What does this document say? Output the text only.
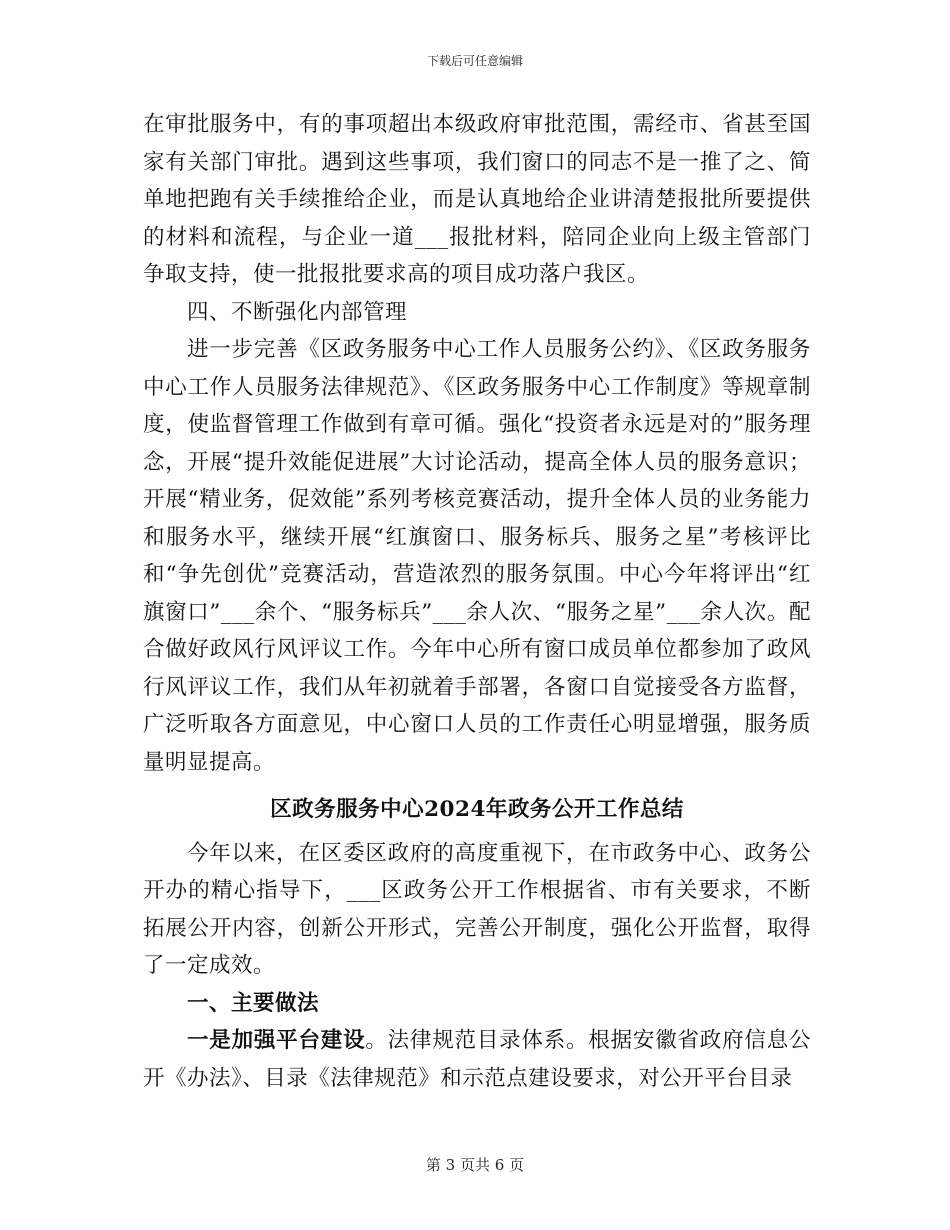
下载后可任意编辑

在审批服务中，有的事项超出本级政府审批范围，需经市、省甚至国家有关部门审批。遇到这些事项，我们窗口的同志不是一推了之、简单地把跑有关手续推给企业，而是认真地给企业讲清楚报批所要提供的材料和流程，与企业一道___报批材料，陪同企业向上级主管部门争取支持，使一批报批要求高的项目成功落户我区。

四、不断强化内部管理

进一步完善《区政务服务中心工作人员服务公约》、《区政务服务中心工作人员服务法律规范》、《区政务服务中心工作制度》等规章制度，使监督管理工作做到有章可循。强化“投资者永远是对的”服务理念，开展“提升效能促进展”大讨论活动，提高全体人员的服务意识；开展“精业务，促效能”系列考核竞赛活动，提升全体人员的业务能力和服务水平，继续开展“红旗窗口、服务标兵、服务之星”考核评比和“争先创优”竞赛活动，营造浓烈的服务氛围。中心今年将评出“红旗窗口”___余个、“服务标兵”___余人次、“服务之星”___余人次。配合做好政风行风评议工作。今年中心所有窗口成员单位都参加了政风行风评议工作，我们从年初就着手部署，各窗口自觉接受各方监督，广泛听取各方面意见，中心窗口人员的工作责任心明显增强，服务质量明显提高。

区政务服务中心2024年政务公开工作总结

今年以来，在区委区政府的高度重视下，在市政务中心、政务公开办的精心指导下，___区政务公开工作根据省、市有关要求，不断拓展公开内容，创新公开形式，完善公开制度，强化公开监督，取得了一定成效。

一、主要做法

一是加强平台建设。法律规范目录体系。根据安徽省政府信息公开《办法》、目录《法律规范》和示范点建设要求，对公开平台目录

第 3 页共 6 页
